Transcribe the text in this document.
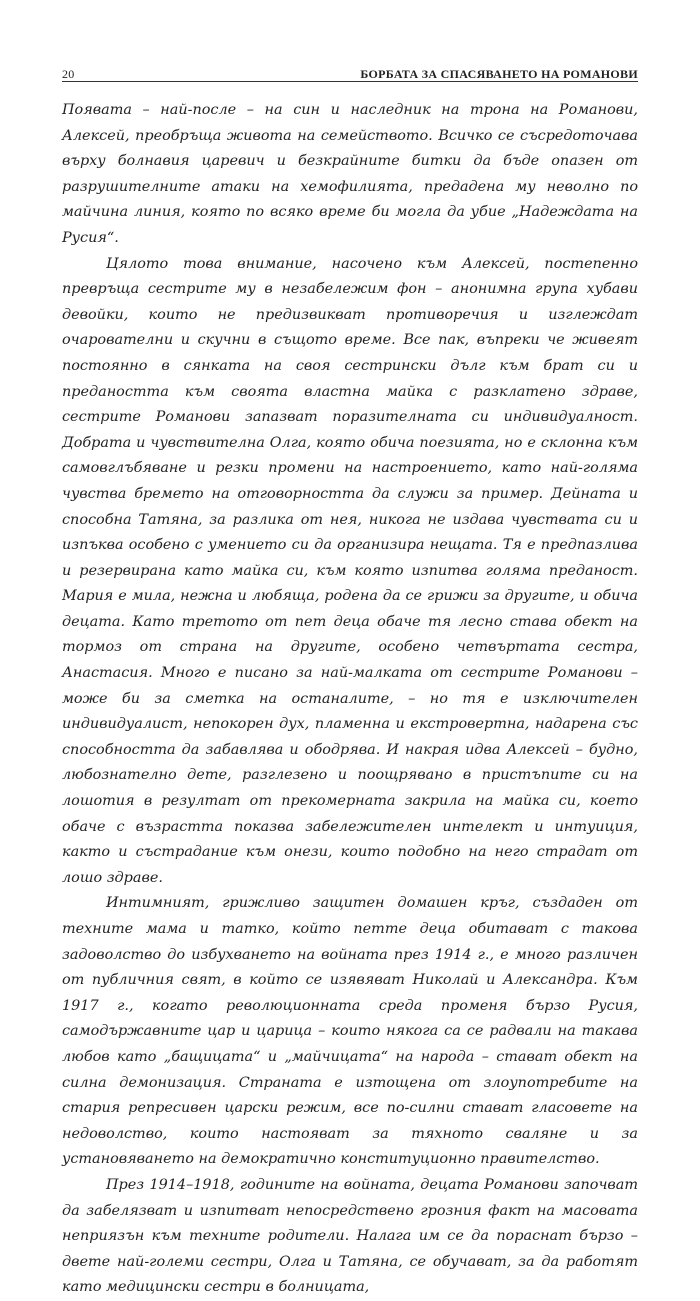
20	БОРБАТА ЗА СПАСЯВАНЕТО НА РОМАНОВИ

Появата – най-после – на син и наследник на трона на Романови, Алексей, преобръща живота на семейството. Всичко се съсредоточава върху болнавия царевич и безкрайните битки да бъде опазен от разрушителните атаки на хемофилията, предадена му неволно по майчина линия, която по всяко време би могла да убие „Надеждата на Русия“.

Цялото това внимание, насочено към Алексей, постепенно превръща сестрите му в незабележим фон – анонимна група хубави девойки, които не предизвикват противоречия и изглеждат очарователни и скучни в същото време. Все пак, въпреки че живеят постоянно в сянката на своя сестрински дълг към брат си и предаността към своята властна майка с разклатено здраве, сестрите Романови запазват поразителната си индивидуалност. Добрата и чувствителна Олга, която обича поезията, но е склонна към самовглъбяване и резки промени на настроението, като най-голяма чувства бремето на отговорността да служи за пример. Дейната и способна Татяна, за разлика от нея, никога не издава чувствата си и изпъква особено с умението си да организира нещата. Тя е предпазлива и резервирана като майка си, към която изпитва голяма преданост. Мария е мила, нежна и любяща, родена да се грижи за другите, и обича децата. Като третото от пет деца обаче тя лесно става обект на тормоз от страна на другите, особено четвъртата сестра, Анастасия. Много е писано за най-малката от сестрите Романови – може би за сметка на останалите, – но тя е изключителен индивидуалист, непокорен дух, пламенна и екстровертна, надарена със способността да забавлява и ободрява. И накрая идва Алексей – будно, любознателно дете, разглезено и поощрявано в пристъпите си на лошотия в резултат от прекомерната закрила на майка си, което обаче с възрастта показва забележителен интелект и интуиция, както и състрадание към онези, които подобно на него страдат от лошо здраве.

Интимният, грижливо защитен домашен кръг, създаден от техните мама и татко, който петте деца обитават с такова задоволство до избухването на войната през 1914 г., е много различен от публичния свят, в който се изявяват Николай и Александра. Към 1917 г., когато революционната среда променя бързо Русия, самодържавните цар и царица – които някога са се радвали на такава любов като „бащицата“ и „майчицата“ на народа – стават обект на силна демонизация. Страната е изтощена от злоупотребите на стария репресивен царски режим, все по-силни стават гласовете на недоволство, които настояват за тяхното сваляне и за установяването на демократично конституционно правителство.

През 1914–1918, годините на войната, децата Романови започват да забелязват и изпитват непосредствено грозния факт на масовата неприязън към техните родители. Налага им се да пораснат бързо – двете най-големи сестри, Олга и Татяна, се обучават, за да работят като медицински сестри в болницата,
